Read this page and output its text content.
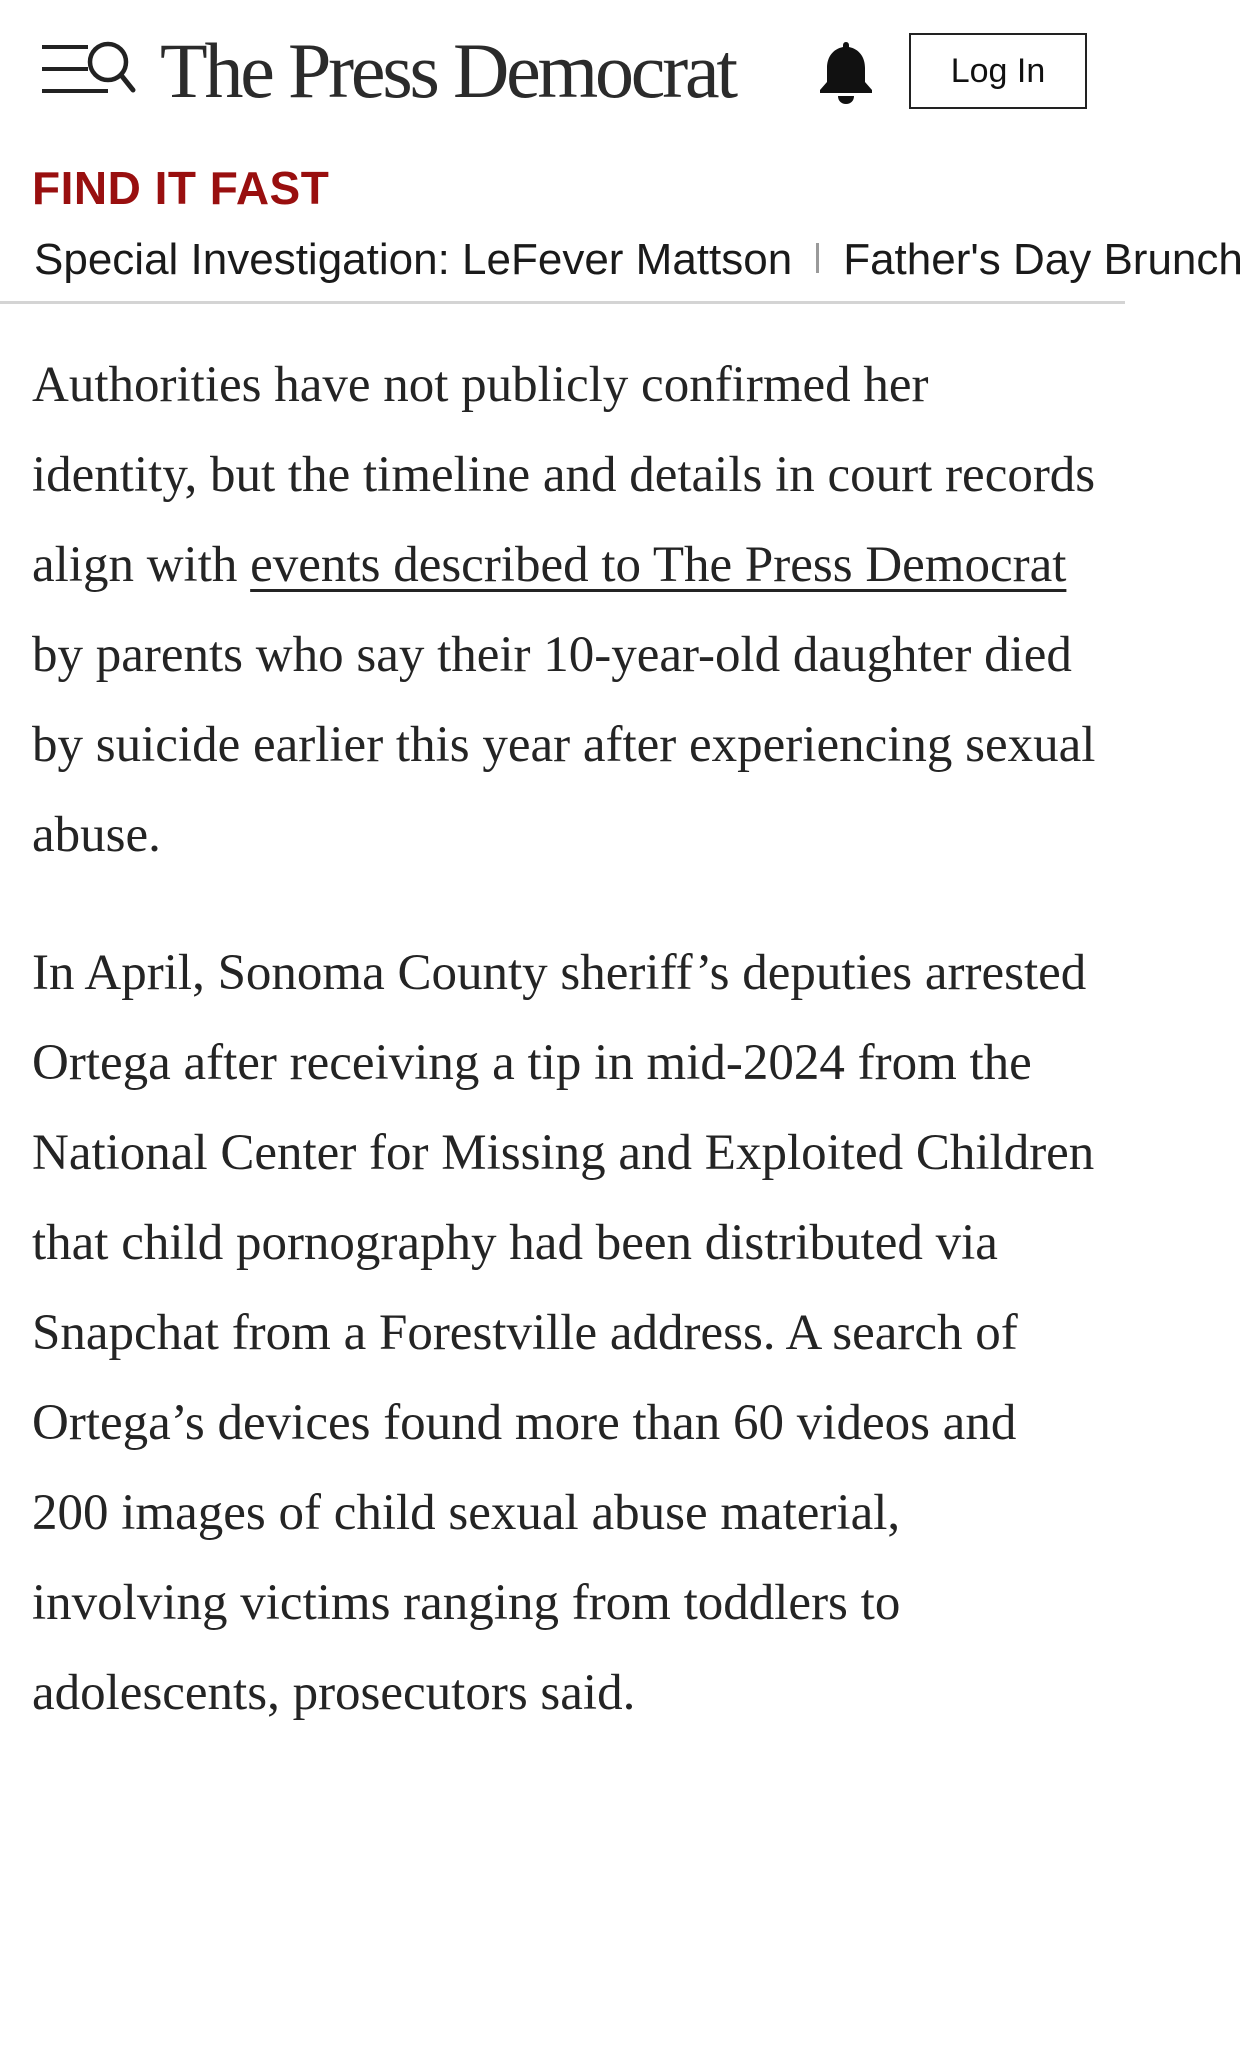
The Press Democrat	Log In
FIND IT FAST
Special Investigation: LeFever Mattson Father's Day Brunch

Authorities have not publicly confirmed her identity, but the timeline and details in court records align with events described to The Press Democrat by parents who say their 10-year-old daughter died by suicide earlier this year after experiencing sexual abuse.

In April, Sonoma County sheriff’s deputies arrested Ortega after receiving a tip in mid-2024 from the National Center for Missing and Exploited Children that child pornography had been distributed via Snapchat from a Forestville address. A search of Ortega’s devices found more than 60 videos and 200 images of child sexual abuse material, involving victims ranging from toddlers to adolescents, prosecutors said.
